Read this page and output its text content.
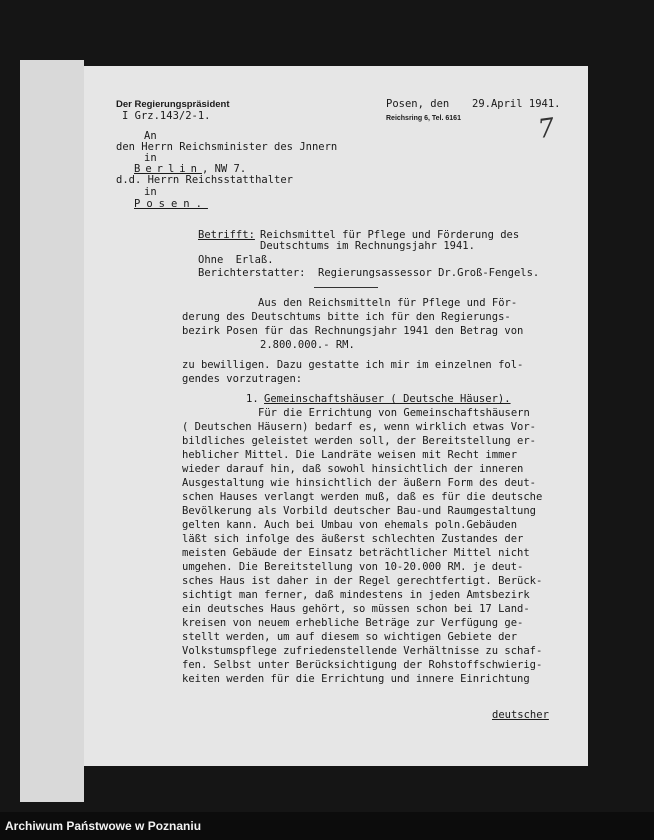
Der Regierungspräsident
I Grz.143/2-1.
Posen, den 29.April 1941.
Reichsring 6, Tel. 6161
An
den Herrn Reichsminister des Jnnern
in
Berlin, NW 7.
d.d. Herrn Reichsstatthalter
in
Posen.
Betrifft: Reichsmittel für Pflege und Förderung des
Deutschtums im Rechnungsjahr 1941.
Ohne Erlaß.
Berichterstatter: Regierungsassessor Dr.Groß-Fengels.
Aus den Reichsmitteln für Pflege und För-
derung des Deutschtums bitte ich für den Regierungs-
bezirk Posen für das Rechnungsjahr 1941 den Betrag von
2.800.000.- RM.
zu bewilligen. Dazu gestatte ich mir im einzelnen fol-
gendes vorzutragen:
1. Gemeinschaftshäuser ( Deutsche Häuser).
Für die Errichtung von Gemeinschaftshäusern
( Deutschen Häusern) bedarf es, wenn wirklich etwas Vor-
bildliches geleistet werden soll, der Bereitstellung er-
heblicher Mittel. Die Landräte weisen mit Recht immer
wieder darauf hin, daß sowohl hinsichtlich der inneren
Ausgestaltung wie hinsichtlich der äußern Form des deut-
schen Hauses verlangt werden muß, daß es für die deutsche
Bevölkerung als Vorbild deutscher Bau-und Raumgestaltung
gelten kann. Auch bei Umbau von ehemals poln.Gebäuden
läßt sich infolge des äußerst schlechten Zustandes der
meisten Gebäude der Einsatz beträchtlicher Mittel nicht
umgehen. Die Bereitstellung von 10-20.000 RM. je deut-
sches Haus ist daher in der Regel gerechtfertigt. Berück-
sichtigt man ferner, daß mindestens in jeden Amtsbezirk
ein deutsches Haus gehört, so müssen schon bei 17 Land-
kreisen von neuem erhebliche Beträge zur Verfügung ge-
stellt werden, um auf diesem so wichtigen Gebiete der
Volkstumspflege zufriedenstellende Verhältnisse zu schaf-
fen. Selbst unter Berücksichtigung der Rohstoffschwierig-
keiten werden für die Errichtung und innere Einrichtung
deutscher
7
Archiwum Państwowe w Poznaniu
